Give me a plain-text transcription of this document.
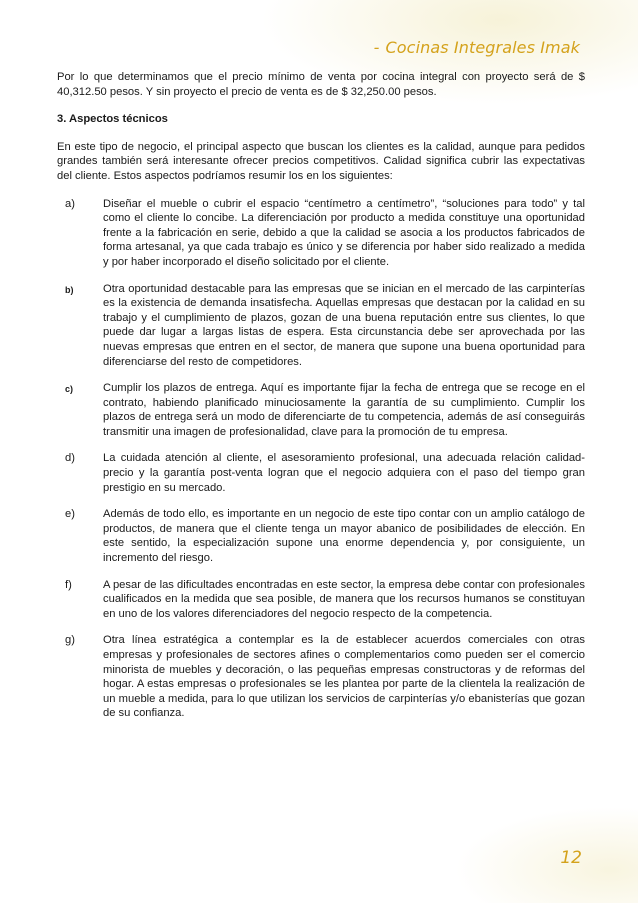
- Cocinas Integrales Imak

Por lo que determinamos que el precio mínimo de venta por cocina integral con proyecto será de $ 40,312.50 pesos. Y sin proyecto el precio de venta es de $ 32,250.00 pesos.

3. Aspectos técnicos

En este tipo de negocio, el principal aspecto que buscan los clientes es la calidad, aunque para pedidos grandes también será interesante ofrecer precios competitivos. Calidad significa cubrir las expectativas del cliente. Estos aspectos podríamos resumir los en los siguientes:

a)	Diseñar el mueble o cubrir el espacio “centímetro a centímetro”, “soluciones para todo” y tal como el cliente lo concibe. La diferenciación por producto a medida constituye una oportunidad frente a la fabricación en serie, debido a que la calidad se asocia a los productos fabricados de forma artesanal, ya que cada trabajo es único y se diferencia por haber sido realizado a medida y por haber incorporado el diseño solicitado por el cliente.
b)	Otra oportunidad destacable para las empresas que se inician en el mercado de las carpinterías es la existencia de demanda insatisfecha. Aquellas empresas que destacan por la calidad en su trabajo y el cumplimiento de plazos, gozan de una buena reputación entre sus clientes, lo que puede dar lugar a largas listas de espera. Esta circunstancia debe ser aprovechada por las nuevas empresas que entren en el sector, de manera que supone una buena oportunidad para diferenciarse del resto de competidores.
c)	Cumplir los plazos de entrega. Aquí es importante fijar la fecha de entrega que se recoge en el contrato, habiendo planificado minuciosamente la garantía de su cumplimiento. Cumplir los plazos de entrega será un modo de diferenciarte de tu competencia, además de así conseguirás transmitir una imagen de profesionalidad, clave para la promoción de tu empresa.
d)	La cuidada atención al cliente, el asesoramiento profesional, una adecuada relación calidad-precio y la garantía post-venta logran que el negocio adquiera con el paso del tiempo gran prestigio en su mercado.
e)	Además de todo ello, es importante en un negocio de este tipo contar con un amplio catálogo de productos, de manera que el cliente tenga un mayor abanico de posibilidades de elección. En este sentido, la especialización supone una enorme dependencia y, por consiguiente, un incremento del riesgo.
f)	A pesar de las dificultades encontradas en este sector, la empresa debe contar con profesionales cualificados en la medida que sea posible, de manera que los recursos humanos se constituyan en uno de los valores diferenciadores del negocio respecto de la competencia.
g)	Otra línea estratégica a contemplar es la de establecer acuerdos comerciales con otras empresas y profesionales de sectores afines o complementarios como pueden ser el comercio minorista de muebles y decoración, o las pequeñas empresas constructoras y de reformas del hogar. A estas empresas o profesionales se les plantea por parte de la clientela la realización de un mueble a medida, para lo que utilizan los servicios de carpinterías y/o ebanisterías que gozan de su confianza.
12
